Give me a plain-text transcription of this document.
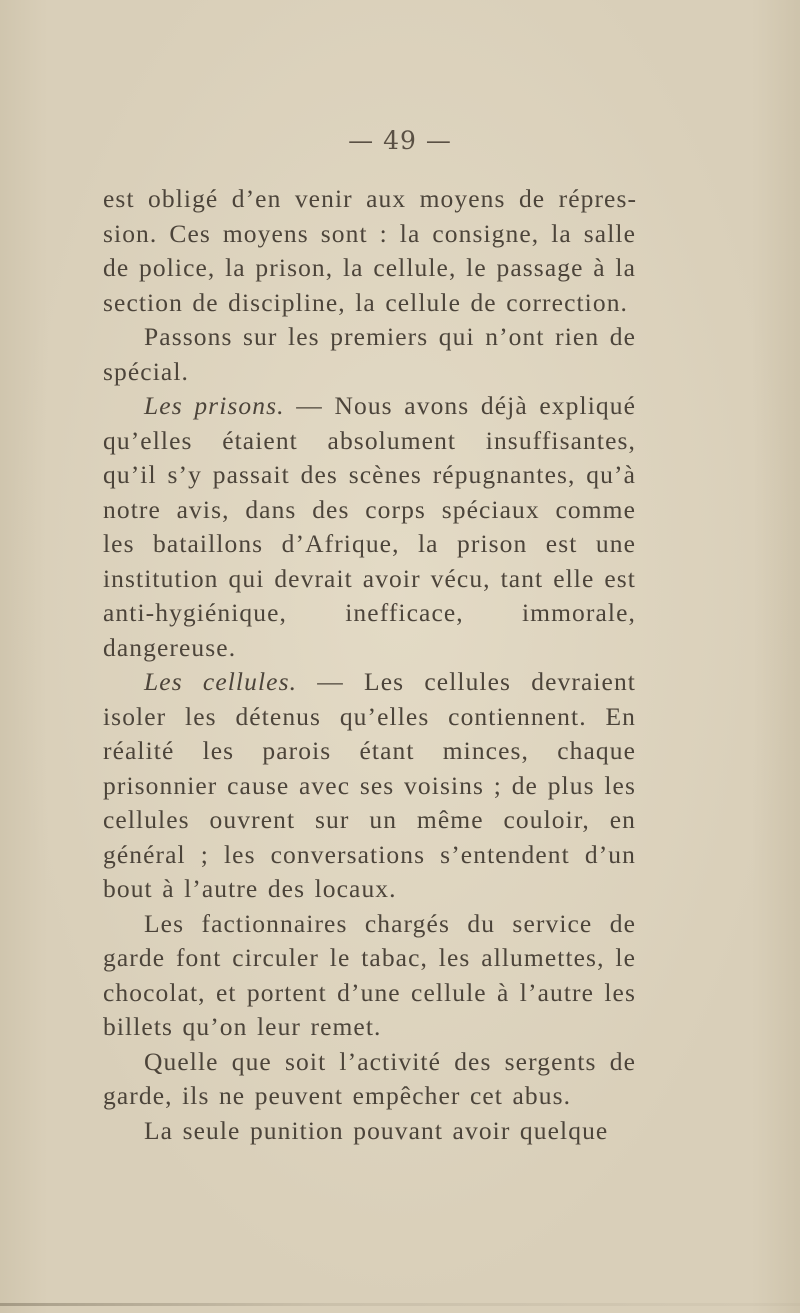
— 49 —

est obligé d’en venir aux moyens de répression. Ces moyens sont : la consigne, la salle de police, la prison, la cellule, le passage à la section de discipline, la cellule de correction.

Passons sur les premiers qui n’ont rien de spécial.

Les prisons. — Nous avons déjà expliqué qu’elles étaient absolument insuffisantes, qu’il s’y passait des scènes répugnantes, qu’à notre avis, dans des corps spéciaux comme les bataillons d’Afrique, la prison est une institution qui devrait avoir vécu, tant elle est anti-hygiénique, inefficace, immorale, dangereuse.

Les cellules. — Les cellules devraient isoler les détenus qu’elles contiennent. En réalité les parois étant minces, chaque prisonnier cause avec ses voisins ; de plus les cellules ouvrent sur un même couloir, en général ; les conversations s’entendent d’un bout à l’autre des locaux.

Les factionnaires chargés du service de garde font circuler le tabac, les allumettes, le chocolat, et portent d’une cellule à l’autre les billets qu’on leur remet.

Quelle que soit l’activité des sergents de garde, ils ne peuvent empêcher cet abus.

La seule punition pouvant avoir quelque
